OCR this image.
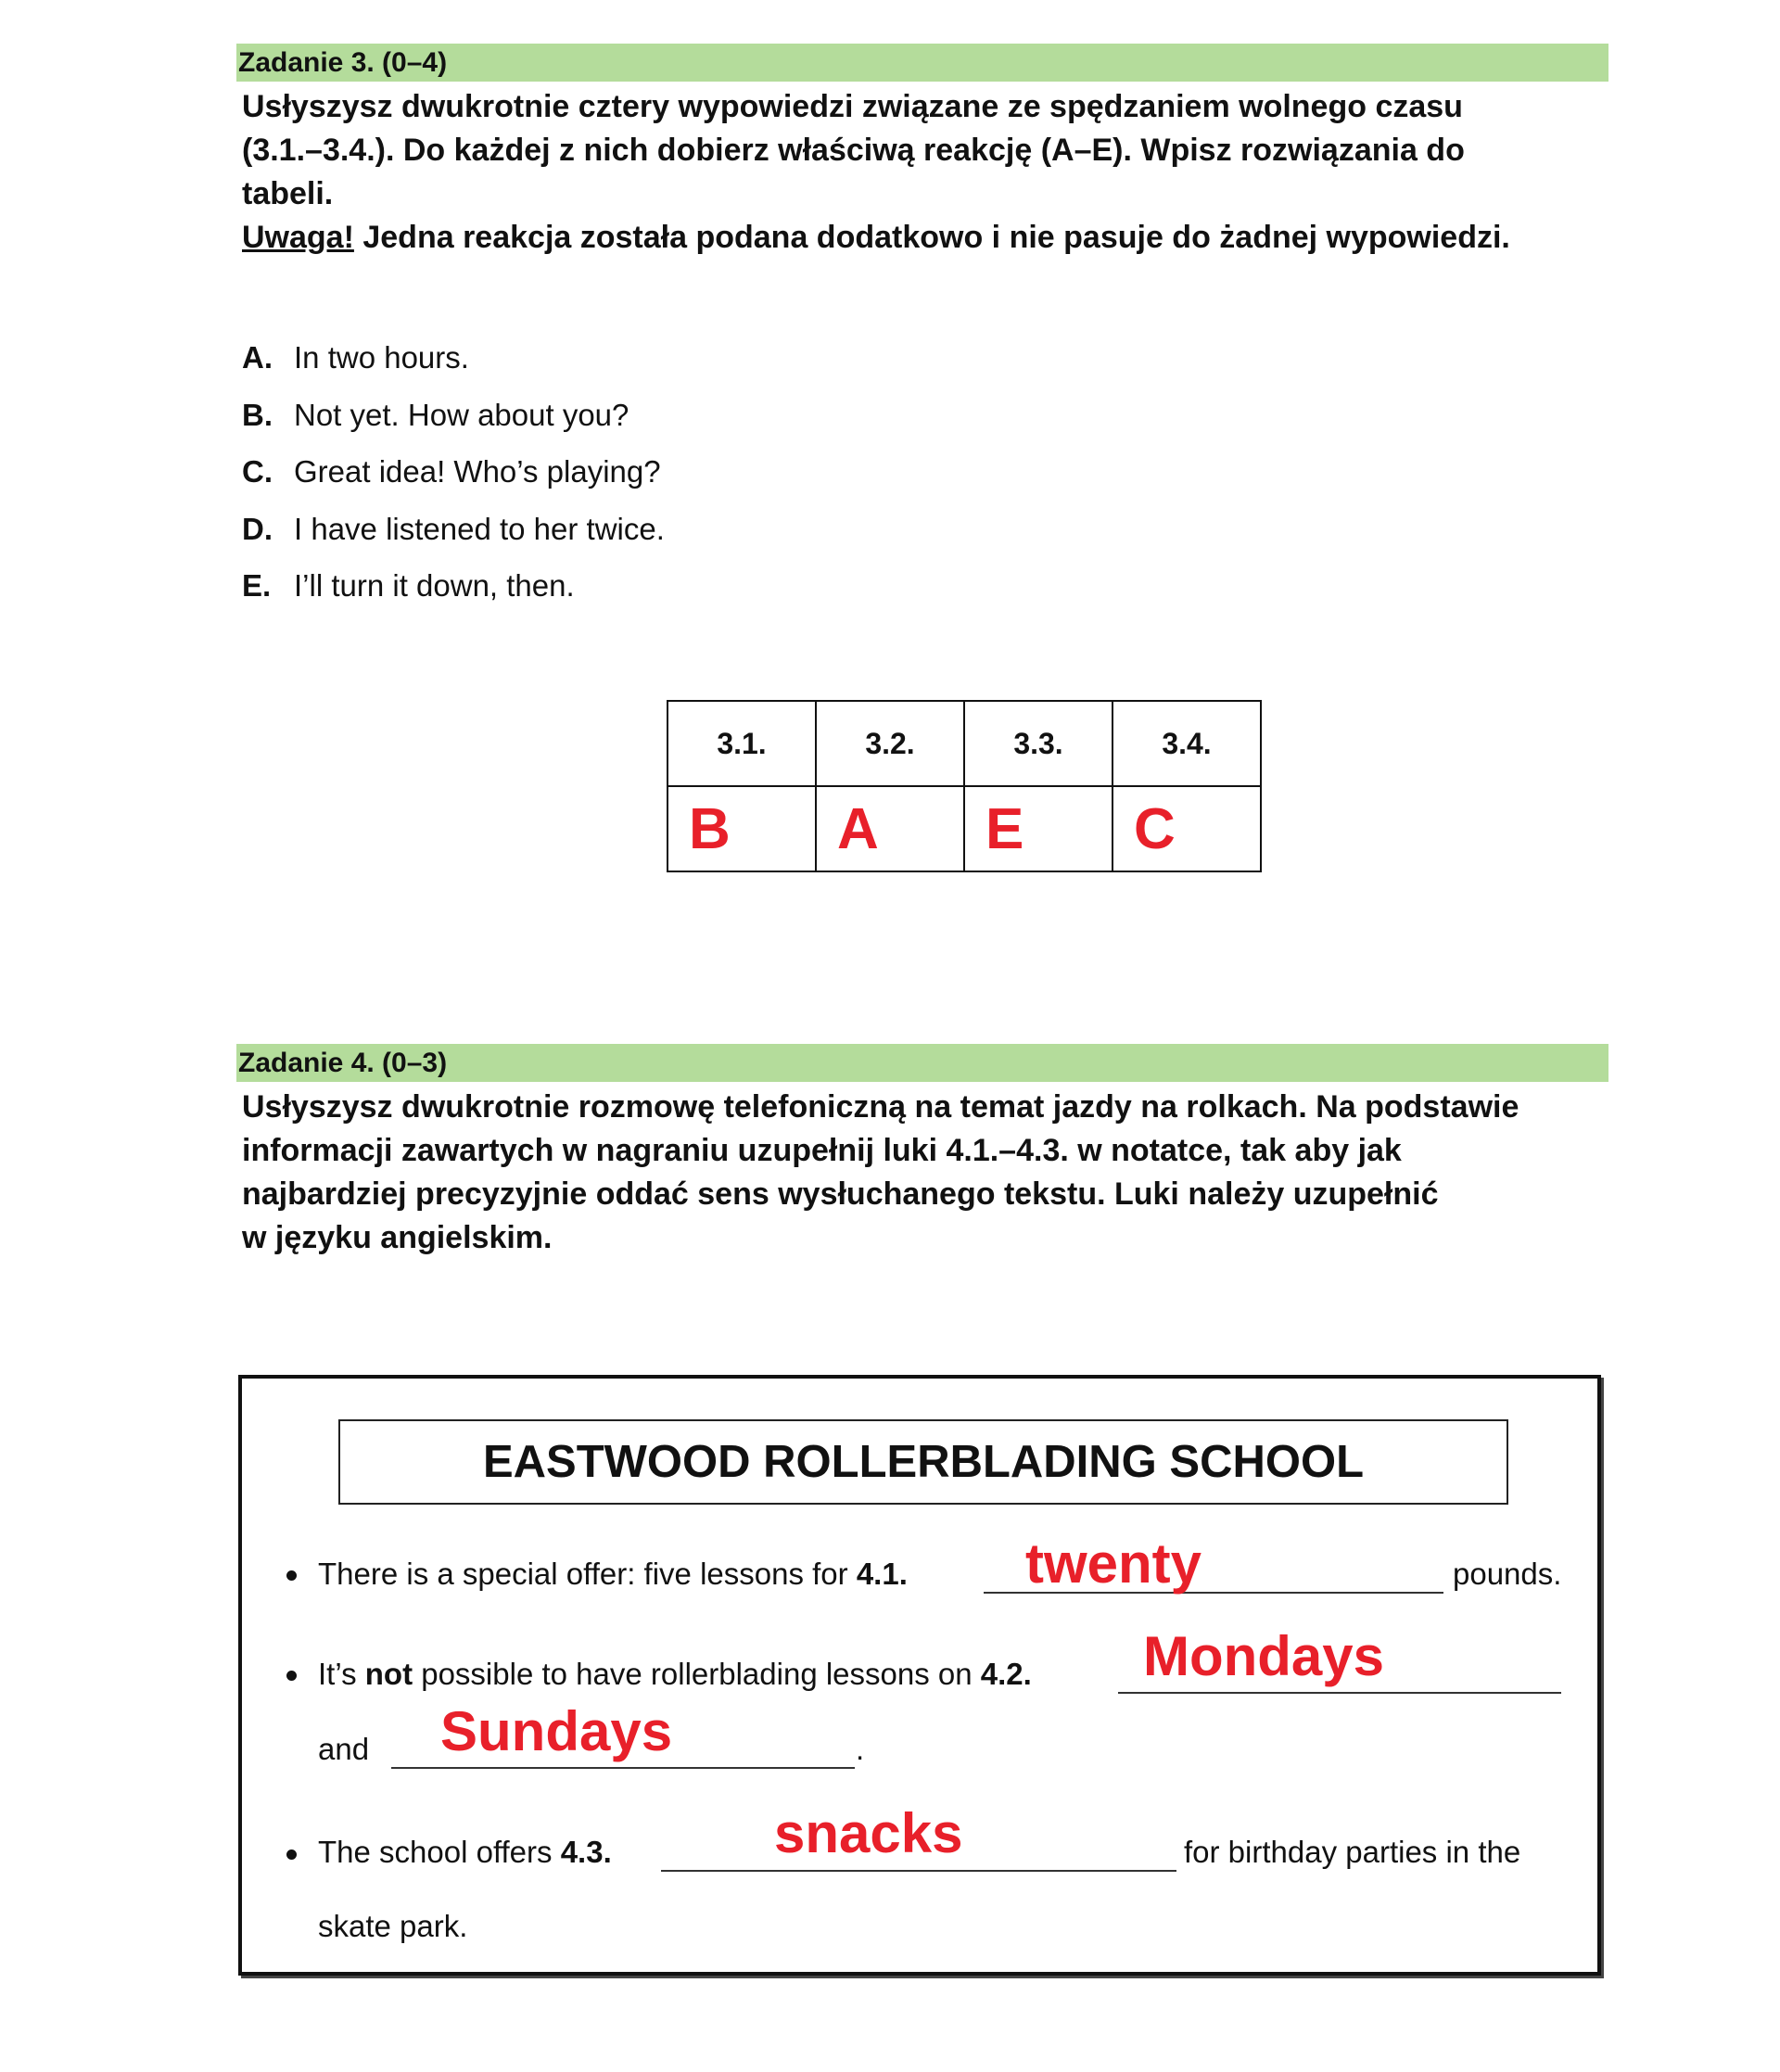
Zadanie 3. (0–4)

Usłyszysz dwukrotnie cztery wypowiedzi związane ze spędzaniem wolnego czasu

(3.1.–3.4.). Do każdej z nich dobierz właściwą reakcję (A–E). Wpisz rozwiązania do

tabeli.

Uwaga! Jedna reakcja została podana dodatkowo i nie pasuje do żadnej wypowiedzi.

A. In two hours.
B. Not yet. How about you?
C. Great idea! Who’s playing?
D. I have listened to her twice.
E. I’ll turn it down, then.
3.1.	3.2.	3.3.	3.4.
B	A	E	C
Zadanie 4. (0–3)

Usłyszysz dwukrotnie rozmowę telefoniczną na temat jazdy na rolkach. Na podstawie

informacji zawartych w nagraniu uzupełnij luki 4.1.–4.3. w notatce, tak aby jak

najbardziej precyzyjnie oddać sens wysłuchanego tekstu. Luki należy uzupełnić

w języku angielskim.

EASTWOOD ROLLERBLADING SCHOOL
There is a special offer: five lessons for 4.1. twenty	pounds.
It’s not possible to have rollerblading lessons on 4.2. Mondays
and Sundays	.
The school offers 4.3.	snacks	for birthday parties in the
skate park.
